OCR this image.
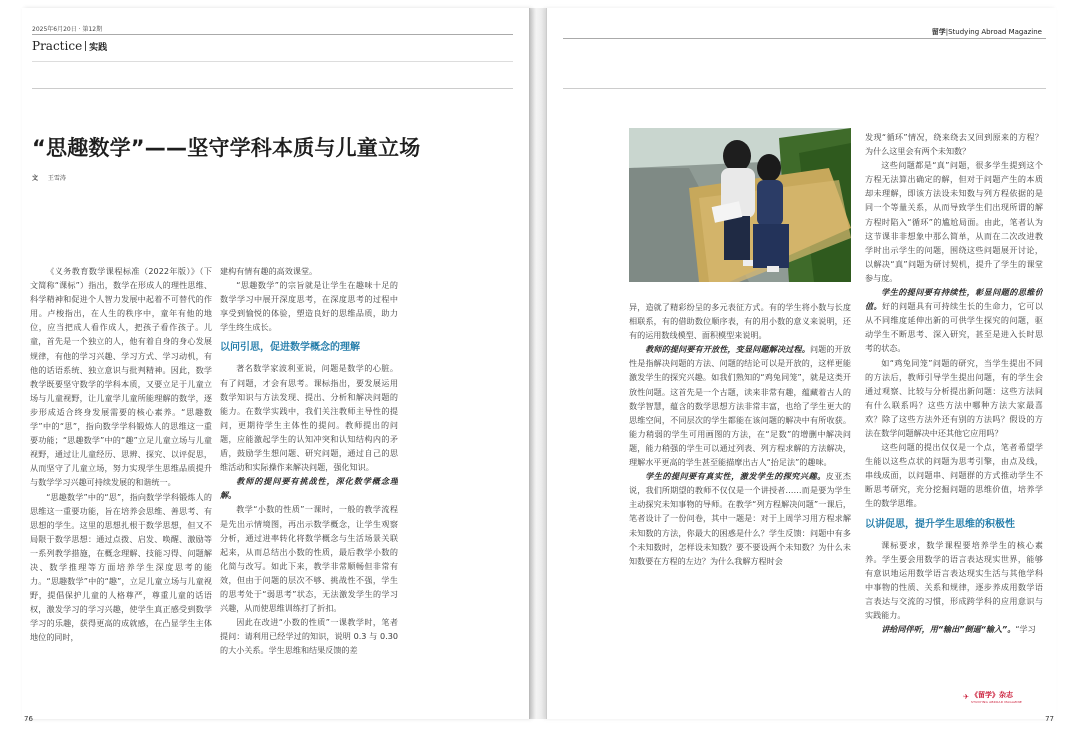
2025年6月20日 · 第12期
Practice 实践
“思趣数学”——坚守学科本质与儿童立场
文 　 王雪涛

《义务教育数学课程标准（2022年版）》（下文简称“课标”）指出，数学在形成人的理性思维、科学精神和促进个人智力发展中起着不可替代的作用。卢梭指出，在人生的秩序中，童年有他的地位，应当把成人看作成人，把孩子看作孩子。儿童，首先是一个独立的人，他有着自身的身心发展规律，有他的学习兴趣、学习方式、学习动机，有他的话语系统、独立意识与批判精神。因此，数学教学既要坚守数学的学科本质，又要立足于儿童立场与儿童视野，让儿童学儿童所能理解的数学，逐步形成适合终身发展需要的核心素养。“思趣数学”中的“思”，指向数学学科锻炼人的思维这一重要功能；“思趣数学”中的“趣”立足儿童立场与儿童视野，通过让儿童经历、思辨、探究、以评促思，从而坚守了儿童立场，努力实现学生思维品质提升与数学学习兴趣可持续发展的和谐统一。

“思趣数学”中的“思”，指向数学学科锻炼人的思维这一重要功能，旨在培养会思维、善思考、有思想的学生。这里的思想扎根于数学思想，但又不局限于数学思想：通过点拨、启发、唤醒、激励等一系列教学措施，在概念理解、技能习得、问题解决、数学推理等方面培养学生深度思考的能力。“思趣数学”中的“趣”，立足儿童立场与儿童视野，提倡保护儿童的人格尊严，尊重儿童的话语权，激发学习的学习兴趣，使学生真正感受到数学学习的乐趣，获得更高的成就感，在凸显学生主体地位的同时，

建构有情有趣的高效课堂。

“思趣数学”的宗旨就是让学生在趣味十足的数学学习中展开深度思考，在深度思考的过程中享受到愉悦的体验，塑造良好的思维品质，助力学生终生成长。

以问引思，促进数学概念的理解

著名数学家波利亚说，问题是数学的心脏。有了问题，才会有思考。课标指出，要发展运用数学知识与方法发现、提出、分析和解决问题的能力。在数学实践中，我们关注教师主导性的提问，更期待学生主体性的提问。教师提出的问题，应能激起学生的认知冲突和认知结构内的矛盾，鼓励学生想问题、研究问题，通过自己的思维活动和实际操作来解决问题，强化知识。

教师的提问要有挑战性，深化数学概念理解。

教学“小数的性质”一课时，一般的教学流程是先出示情境图，再出示数学概念，让学生观察分析，通过进率转化将数学概念与生活场景关联起来，从而总结出小数的性质，最后教学小数的化简与改写。如此下来，教学非常顺畅但非常有效，但由于问题的层次不够、挑战性不强，学生的思考处于“弱思考”状态，无法激发学生的学习兴趣，从而使思维训练打了折扣。

因此在改进“小数的性质”一课教学时，笔者提问：请利用已经学过的知识，说明 0.3 与 0.30 的大小关系。学生思维和结果反馈的差

76
留学|Studying Abroad Magazine

异，造就了精彩纷呈的多元表征方式。有的学生将小数与长度相联系，有的借助数位顺序表，有的用小数的意义来说明，还有的运用数线模型、面积模型来说明。

教师的提问要有开放性，变显问题解决过程。问题的开放性是指解决问题的方法、问题的结论可以是开放的，这样更能激发学生的探究兴趣。如我们熟知的“鸡兔同笼”，就是这类开放性问题。这首先是一个古题，读来非常有趣，蕴藏着古人的数学智慧，蕴含的数学思想方法非常丰富，也给了学生更大的思维空间，不同层次的学生都能在该问题的解决中有所收获。能力稍弱的学生可用画图的方法，在“足数”的增删中解决问题，能力稍强的学生可以通过列表、列方程求解的方法解决，理解水平更高的学生甚至能描摩出古人“抬足法”的趣味。

学生的提问要有真实性，激发学生的探究兴趣。皮亚杰说，我们所期望的教师不仅仅是一个讲授者……而是要为学生主动探究未知事物的导师。在教学“列方程解决问题”一课后，笔者设计了一份问卷，其中一题是：对于上周学习用方程求解未知数的方法，你最大的困惑是什么？学生反馈：问题中有多个未知数时，怎样设未知数？要不要设两个未知数？为什么未知数要在方程的左边？为什么我解方程时会

发现“循环”情况，绕来绕去又回到原来的方程？为什么这里会有两个未知数？

这些问题都是“真”问题，很多学生提到这个方程无法算出确定的解，但对于问题产生的本质却未理解，即该方法设未知数与列方程依据的是同一个等量关系，从而导致学生们出现所谓的解方程时陷入“循环”的尴尬局面。由此，笔者认为这节课非非想象中那么简单，从而在二次改进教学时出示学生的问题，围绕这些问题展开讨论，以解决“真”问题为研讨契机，提升了学生的课堂参与度。

学生的提问要有持续性，彰显问题的思维价值。好的问题具有可持续生长的生命力，它可以从不同维度延伸出新的可供学生探究的问题，驱动学生不断思考、深入研究，甚至是进入长时思考的状态。

如“鸡兔同笼”问题的研究，当学生提出不同的方法后，教师引导学生提出问题，有的学生会通过观察、比较与分析提出新问题：这些方法间有什么联系吗？这些方法中哪种方法大家最喜欢？除了这些方法外还有别的方法吗？假设的方法在数学问题解决中还其他它应用吗？

这些问题的提出仅仅是一个点，笔者希望学生能以这些点状的问题为思考引擎，由点及线，串线成面，以问题串、问题群的方式推动学生不断思考研究，充分挖掘问题的思维价值，培养学生的数学思维。

以讲促思，提升学生思维的积极性

课标要求，数学课程要培养学生的核心素养。学生要会用数学的语言表达现实世界，能够有意识地运用数学语言表达现实生活与其他学科中事物的性质、关系和规律，逐步养成用数学语言表达与交流的习惯，形成跨学科的应用意识与实践能力。

讲给同伴听，用“输出”倒逼“输入”。“学习

✈ 《留学》杂志
STUDYING ABROAD MAGAZINE
77
